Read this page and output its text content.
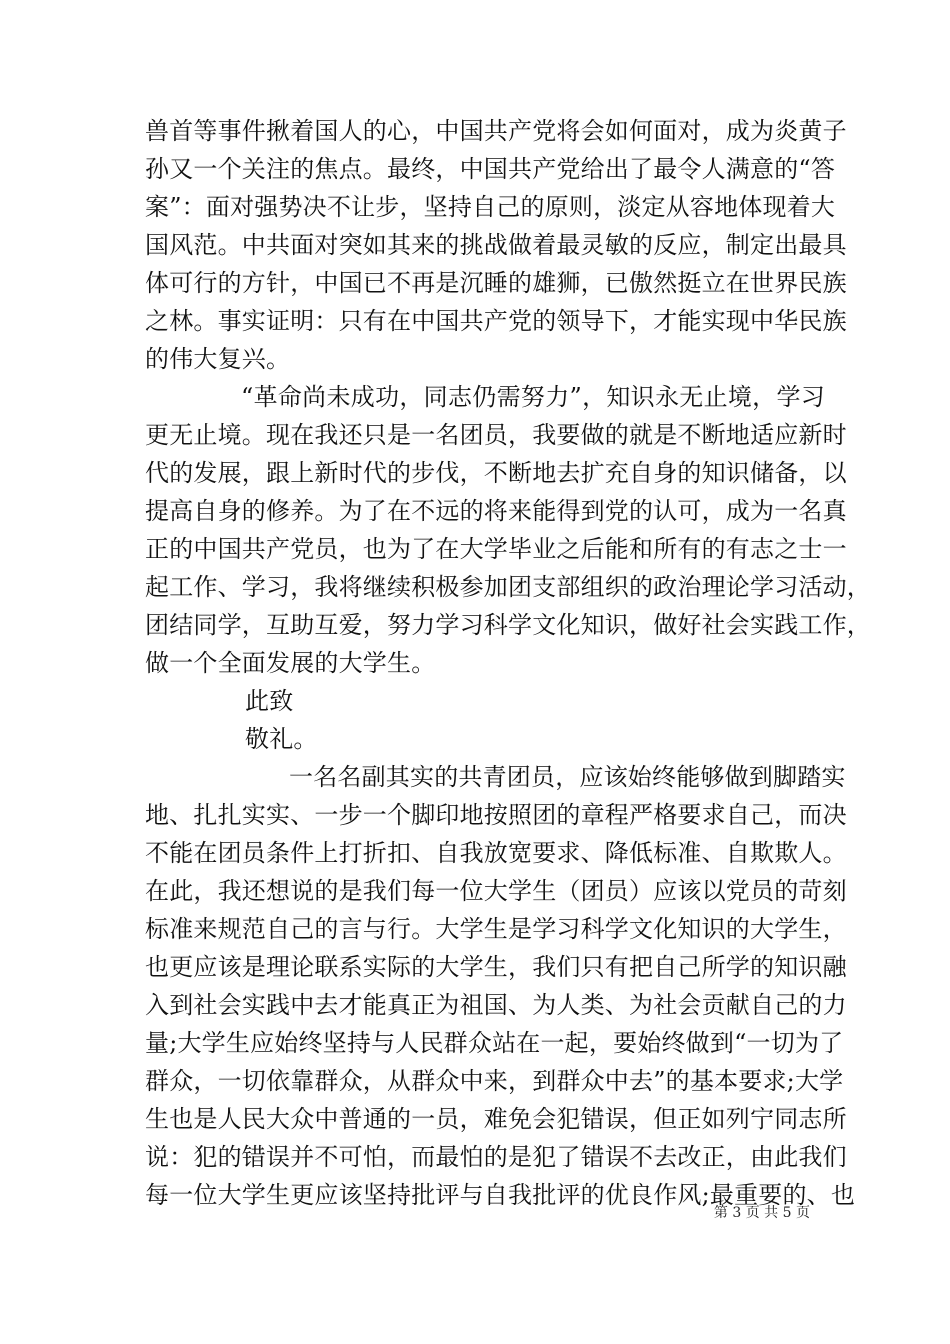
兽首等事件揪着国人的心，中国共产党将会如何面对，成为炎黄子
孙又一个关注的焦点。最终，中国共产党给出了最令人满意的“答
案”：面对强势决不让步，坚持自己的原则，淡定从容地体现着大
国风范。中共面对突如其来的挑战做着最灵敏的反应，制定出最具
体可行的方针，中国已不再是沉睡的雄狮，已傲然挺立在世界民族
之林。事实证明：只有在中国共产党的领导下，才能实现中华民族
的伟大复兴。
“革命尚未成功，同志仍需努力”，知识永无止境，学习
更无止境。现在我还只是一名团员，我要做的就是不断地适应新时
代的发展，跟上新时代的步伐，不断地去扩充自身的知识储备，以
提高自身的修养。为了在不远的将来能得到党的认可，成为一名真
正的中国共产党员，也为了在大学毕业之后能和所有的有志之士一
起工作、学习，我将继续积极参加团支部组织的政治理论学习活动，
团结同学，互助互爱，努力学习科学文化知识，做好社会实践工作，
做一个全面发展的大学生。
此致
敬礼。
一名名副其实的共青团员，应该始终能够做到脚踏实
地、扎扎实实、一步一个脚印地按照团的章程严格要求自己，而决
不能在团员条件上打折扣、自我放宽要求、降低标准、自欺欺人。
在此，我还想说的是我们每一位大学生（团员）应该以党员的苛刻
标准来规范自己的言与行。大学生是学习科学文化知识的大学生，
也更应该是理论联系实际的大学生，我们只有把自己所学的知识融
入到社会实践中去才能真正为祖国、为人类、为社会贡献自己的力
量;大学生应始终坚持与人民群众站在一起，要始终做到“一切为了
群众，一切依靠群众，从群众中来，到群众中去”的基本要求;大学
生也是人民大众中普通的一员，难免会犯错误，但正如列宁同志所
说：犯的错误并不可怕，而最怕的是犯了错误不去改正，由此我们
每一位大学生更应该坚持批评与自我批评的优良作风;最重要的、也
第 3 页 共 5 页
